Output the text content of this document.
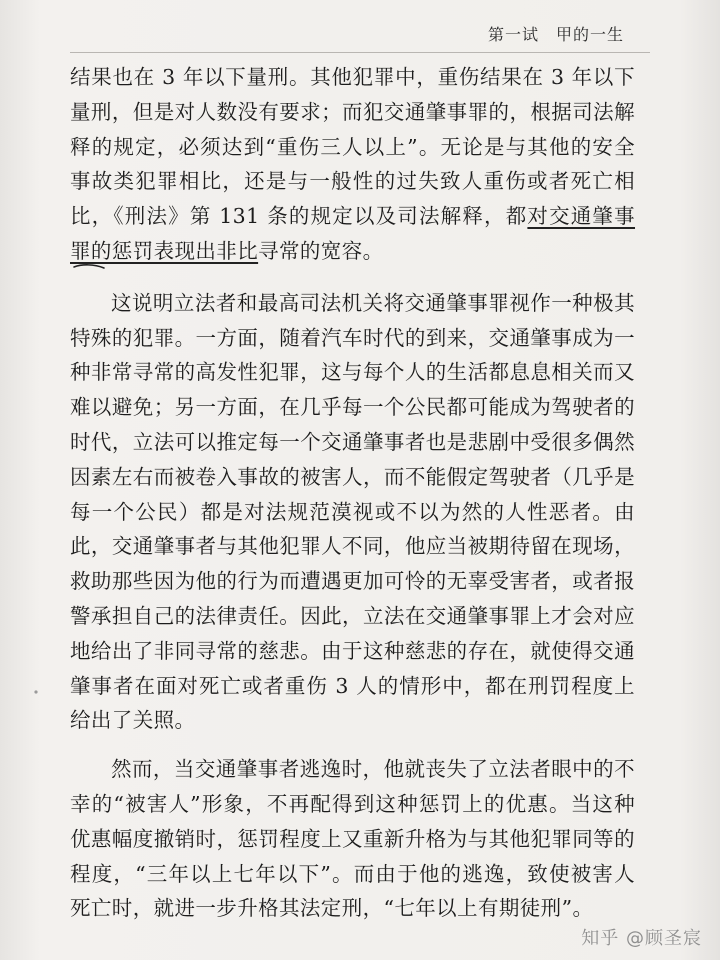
第一试　甲的一生

结果也在 3 年以下量刑。其他犯罪中，重伤结果在 3 年以下量刑，但是对人数没有要求；而犯交通肇事罪的，根据司法解释的规定，必须达到“重伤三人以上”。无论是与其他的安全事故类犯罪相比，还是与一般性的过失致人重伤或者死亡相比，《刑法》第 131 条的规定以及司法解释，都对交通肇事罪的惩罚表现出非比寻常的宽容。

这说明立法者和最高司法机关将交通肇事罪视作一种极其特殊的犯罪。一方面，随着汽车时代的到来，交通肇事成为一种非常寻常的高发性犯罪，这与每个人的生活都息息相关而又难以避免；另一方面，在几乎每一个公民都可能成为驾驶者的时代，立法可以推定每一个交通肇事者也是悲剧中受很多偶然因素左右而被卷入事故的被害人，而不能假定驾驶者（几乎是每一个公民）都是对法规范漠视或不以为然的人性恶者。由此，交通肇事者与其他犯罪人不同，他应当被期待留在现场，救助那些因为他的行为而遭遇更加可怜的无辜受害者，或者报警承担自己的法律责任。因此，立法在交通肇事罪上才会对应地给出了非同寻常的慈悲。由于这种慈悲的存在，就使得交通肇事者在面对死亡或者重伤 3 人的情形中，都在刑罚程度上给出了关照。

然而，当交通肇事者逃逸时，他就丧失了立法者眼中的不幸的“被害人”形象，不再配得到这种惩罚上的优惠。当这种优惠幅度撤销时，惩罚程度上又重新升格为与其他犯罪同等的程度，“三年以上七年以下”。而由于他的逃逸，致使被害人死亡时，就进一步升格其法定刑，“七年以上有期徒刑”。

知乎 @顾圣宸
